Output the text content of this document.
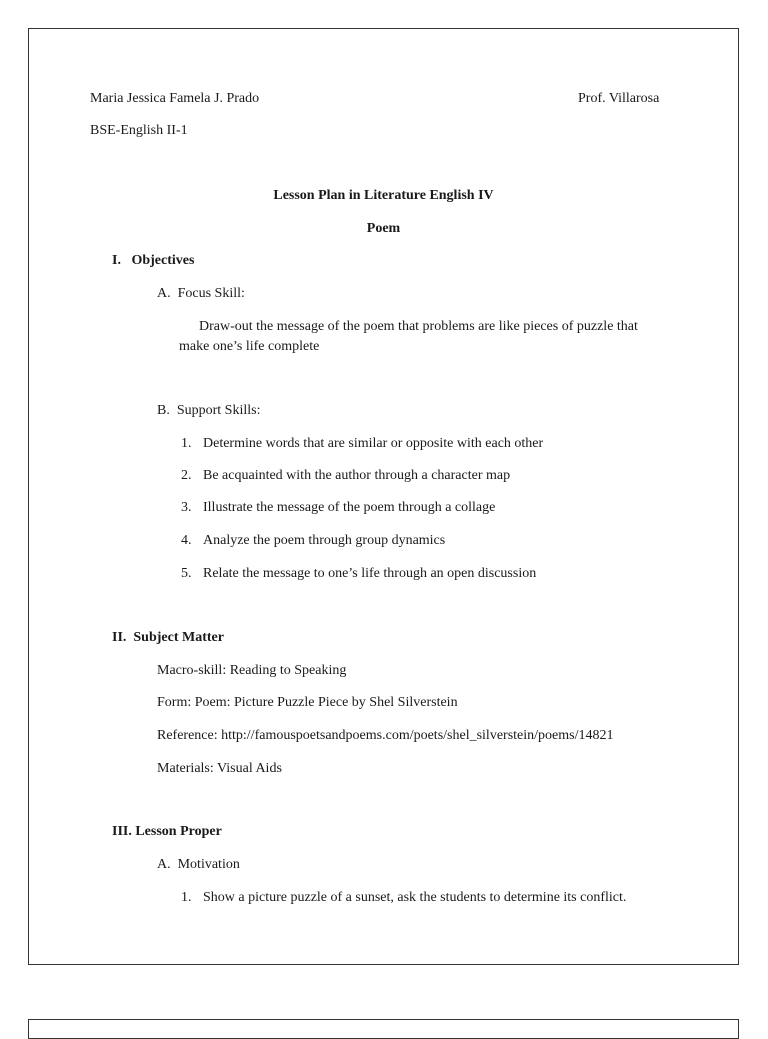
Maria Jessica Famela J. Prado	Prof. Villarosa
BSE-English II-1
Lesson Plan in Literature English IV
Poem
I.   Objectives
A.  Focus Skill:
Draw-out the message of the poem that problems are like pieces of puzzle that
make one’s life complete
B.  Support Skills:
1. Determine words that are similar or opposite with each other
2. Be acquainted with the author through a character map
3. Illustrate the message of the poem through a collage
4. Analyze the poem through group dynamics
5. Relate the message to one’s life through an open discussion
II.  Subject Matter
Macro-skill: Reading to Speaking
Form: Poem: Picture Puzzle Piece by Shel Silverstein
Reference: http://famouspoetsandpoems.com/poets/shel_silverstein/poems/14821
Materials: Visual Aids
III. Lesson Proper
A.  Motivation
1. Show a picture puzzle of a sunset, ask the students to determine its conflict.
